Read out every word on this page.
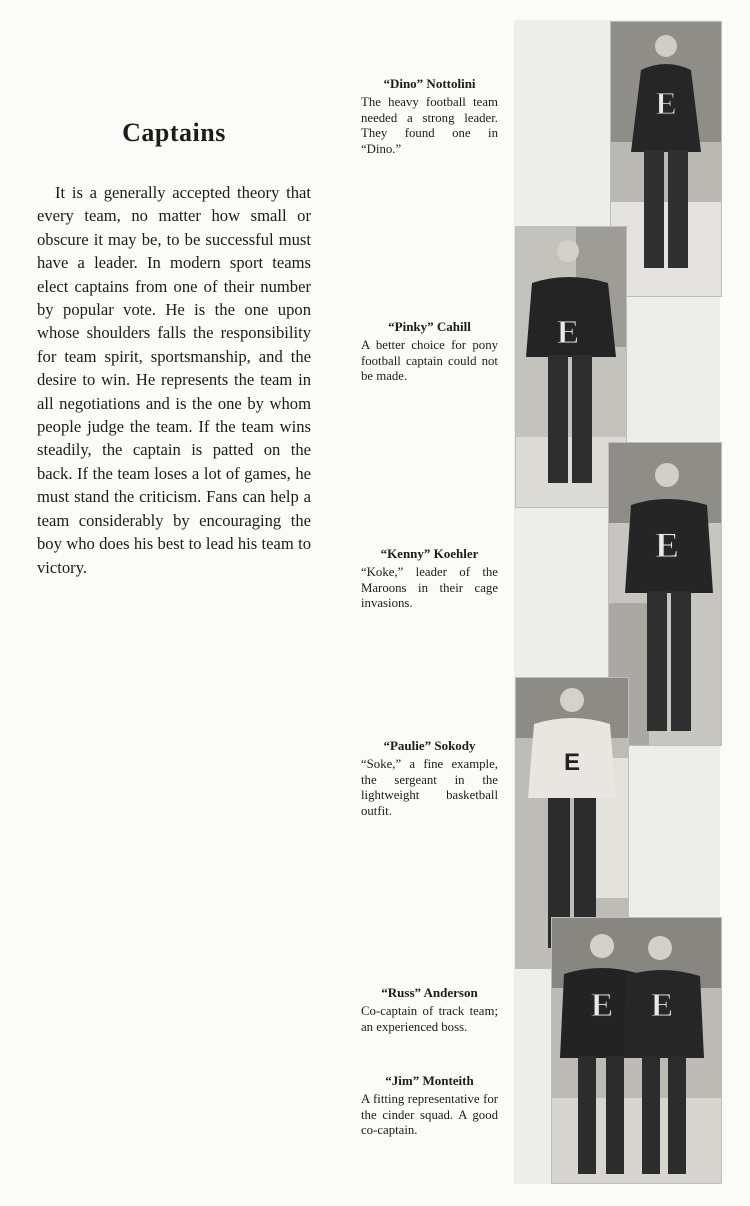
Captains

It is a generally accepted theory that every team, no matter how small or obscure it may be, to be successful must have a leader. In modern sport teams elect captains from one of their number by popular vote. He is the one upon whose shoulders falls the responsibility for team spirit, sportsmanship, and the desire to win. He represents the team in all negotiations and is the one by whom people judge the team. If the team wins steadily, the captain is patted on the back. If the team loses a lot of games, he must stand the criticism. Fans can help a team considerably by encouraging the boy who does his best to lead his team to victory.

“Dino” Nottolini

The heavy football team needed a strong leader. They found one in “Dino.”

“Pinky” Cahill

A better choice for pony football captain could not be made.

“Kenny” Koehler

“Koke,” leader of the Maroons in their cage invasions.

“Paulie” Sokody

“Soke,” a fine example, the sergeant in the lightweight basketball outfit.

“Russ” Anderson

Co-captain of track team; an experienced boss.

“Jim” Monteith

A fitting representative for the cinder squad. A good co-captain.

E
E
E
E
E E
